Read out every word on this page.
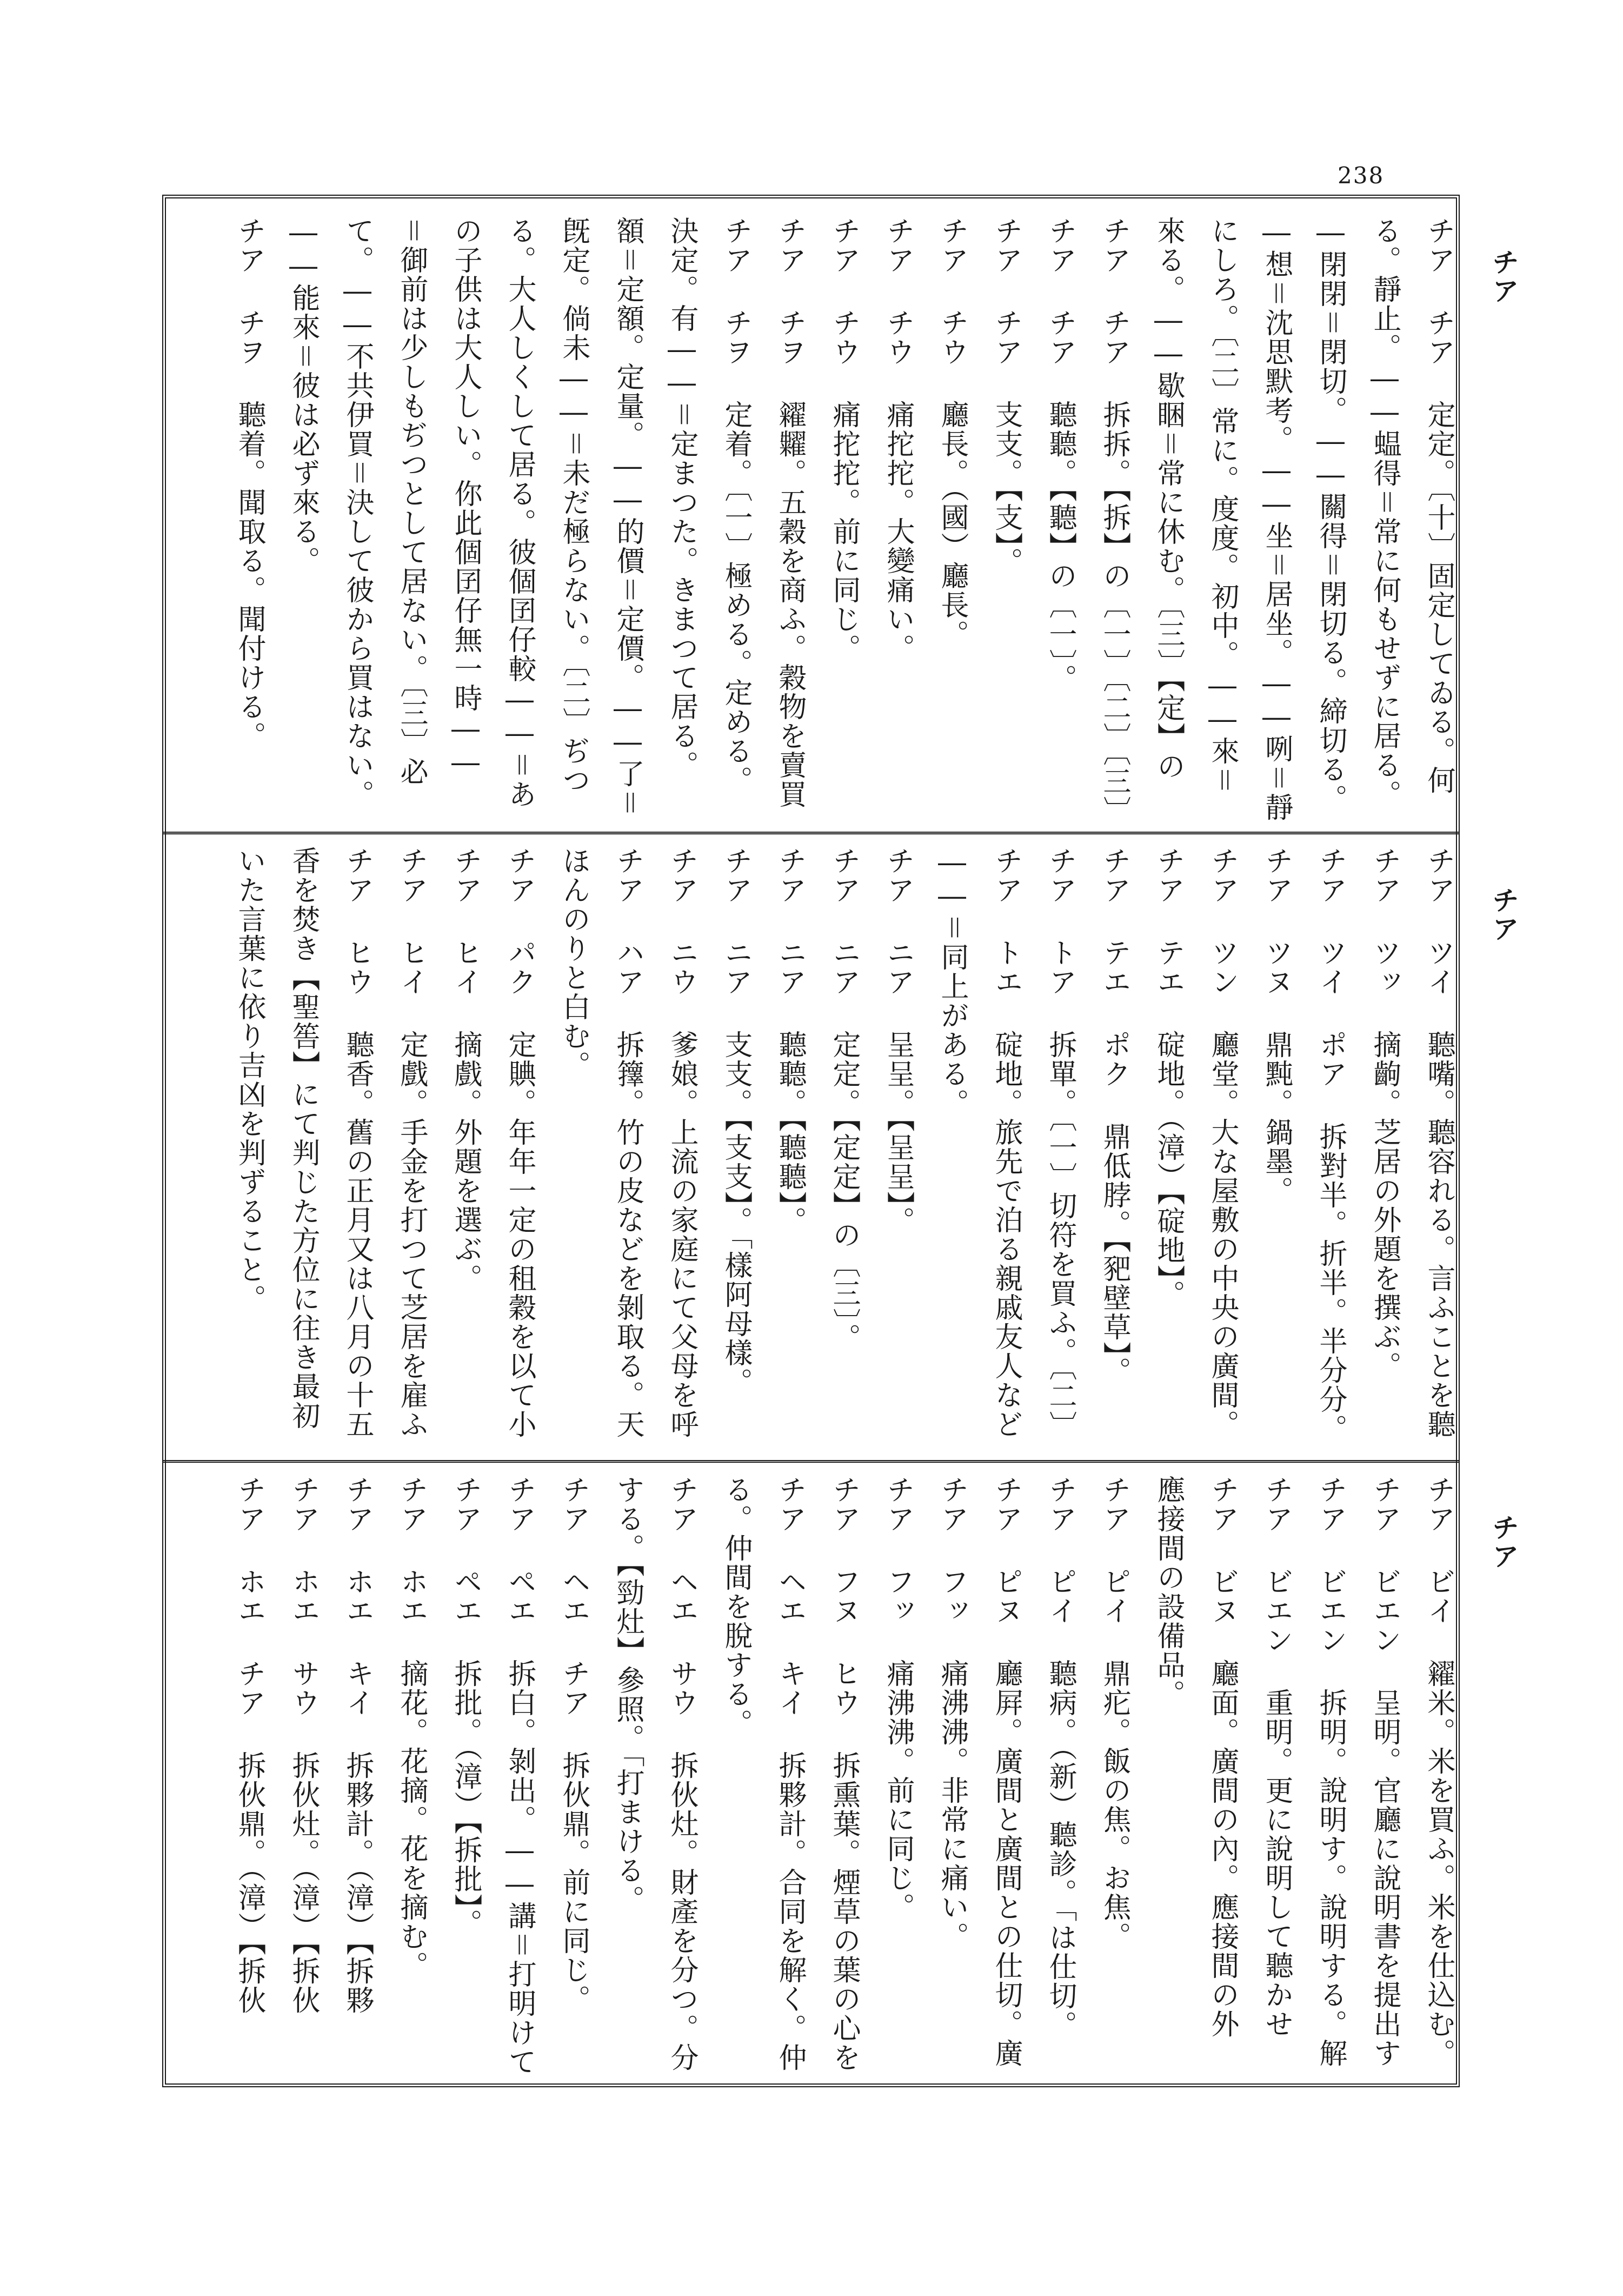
238
チア
チア
チア
チア チア 定定。〔十〕固定してゐる。何
る。靜止。――蝹得＝常に何もせずに居る。
―閉閉＝閉切。――關得＝閉切る。締切る。
―想＝沈思默考。――坐＝居坐。――咧＝靜
にしろ。〔二〕常に。度度。初中。――來＝
來る。――歇睏＝常に休む。〔三〕【定】の
チア チア 拆拆。【拆】の〔一〕〔二〕〔三〕
チア チア 聽聽。【聽】の〔一〕。
チア チア 支支。【支】。
チア チウ 廳長。（國）廳長。
チア チウ 痛拕拕。大變痛い。
チア チウ 痛拕拕。前に同じ。
チア チヲ 糴糶。五穀を商ふ。穀物を賣買
チア チヲ 定着。〔一〕極める。定める。
決定。有――＝定まつた。きまつて居る。
額＝定額。定量。――的價＝定價。――了＝
旣定。倘未――＝未だ極らない。〔二〕ぢつ
る。大人しくして居る。彼個囝仔較――＝あ
の子供は大人しい。你此個囝仔無一時――
＝御前は少しもぢつとして居ない。〔三〕必
て。――不共伊買＝決して彼から買はない。
――能來＝彼は必ず來る。
チア チヲ 聽着。聞取る。聞付ける。
チア ツイ 聽嘴。聽容れる。言ふことを聽
チア ツッ 摘齣。芝居の外題を撰ぶ。
チア ツイ ポア 拆對半。折半。半分分。
チア ツヌ 鼎黗。鍋墨。
チア ツン 廳堂。大な屋敷の中央の廣間。
チア テエ 碇地。（漳）【碇地】。
チア テエ ポク 鼎低脖。【豝壁草】。
チア トア 拆單。〔一〕切符を買ふ。〔二〕
チア トエ 碇地。旅先で泊る親戚友人など
――＝同上がある。
チア ニア 呈呈。【呈呈】。
チア ニア 定定。【定定】の〔三〕。
チア ニア 聽聽。【聽聽】。
チア ニア 支支。【支支】。「樣阿母樣。
チア ニウ 爹娘。上流の家庭にて父母を呼
チア ハア 拆籜。竹の皮などを剝取る。天
ほんのりと白む。
チア パク 定賟。年年一定の租穀を以て小
チア ヒイ 摘戲。外題を選ぶ。
チア ヒイ 定戲。手金を打つて芝居を雇ふ
チア ヒウ 聽香。舊の正月又は八月の十五
香を焚き【聖筶】にて判じた方位に往き最初
いた言葉に依り吉凶を判ずること。
チア ビイ 糴米。米を買ふ。米を仕込む。
チア ビエン 呈明。官廳に說明書を提出す
チア ビエン 拆明。說明す。說明する。解
チア ビエン 重明。更に說明して聽かせ
チア ビヌ 廳面。廣間の內。應接間の外
應接間の設備品。
チア ピイ 鼎疕。飯の焦。お焦。
チア ピイ 聽病。（新）聽診。「は仕切。
チア ピヌ 廳屛。廣間と廣間との仕切。廣
チア フッ 痛沸沸。非常に痛い。
チア フッ 痛沸沸。前に同じ。
チア フヌ ヒウ 拆熏葉。煙草の葉の心を
チア ヘエ キイ 拆夥計。合同を解く。仲
る。仲間を脫する。
チア ヘエ サウ 拆伙灶。財產を分つ。分
する。【勁灶】參照。「打まける。
チア ヘエ チア 拆伙鼎。前に同じ。
チア ペエ 拆白。剝出。――講＝打明けて
チア ペエ 拆批。（漳）【拆批】。
チア ホエ 摘花。花摘。花を摘む。
チア ホエ キイ 拆夥計。（漳）【拆夥
チア ホエ サウ 拆伙灶。（漳）【拆伙
チア ホエ チア 拆伙鼎。（漳）【拆伙
